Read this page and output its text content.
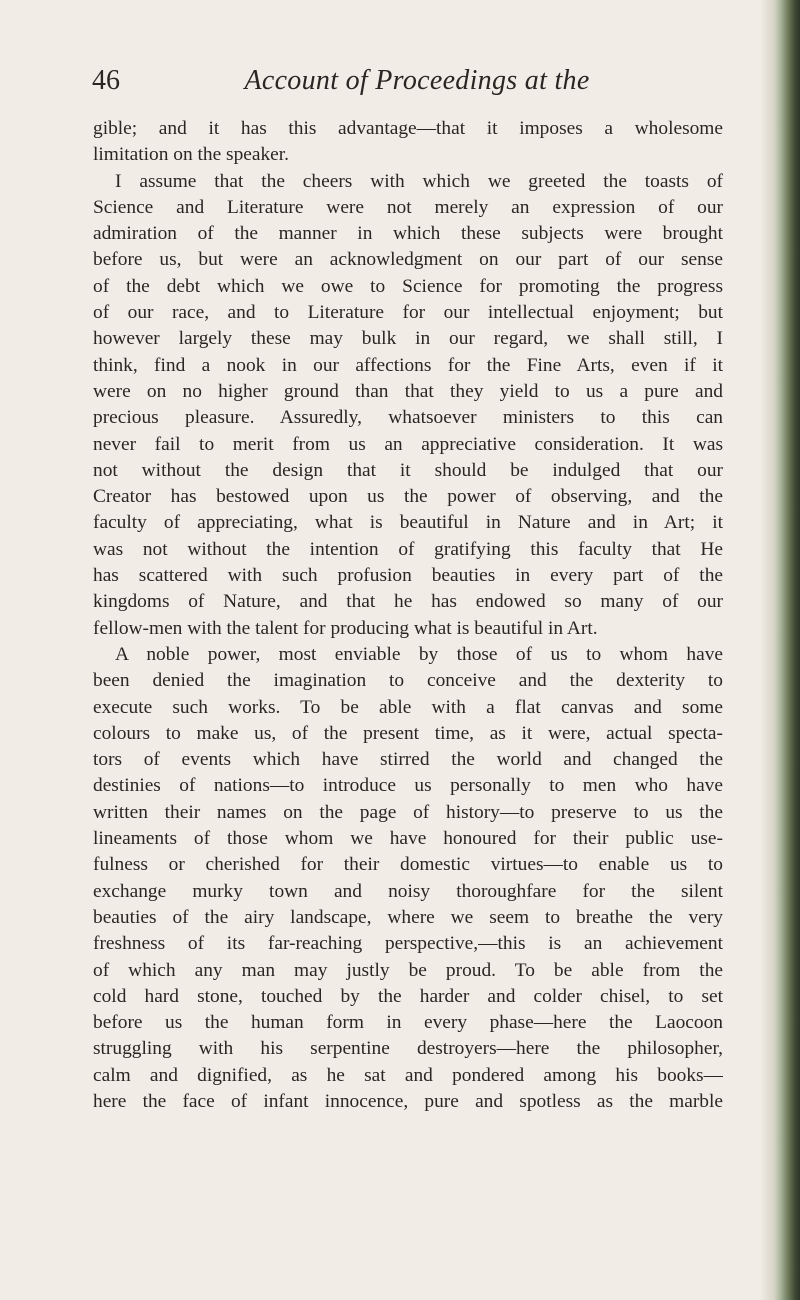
46	Account of Proceedings at the
gible; and it has this advantage—that it imposes a wholesome
limitation on the speaker.
I assume that the cheers with which we greeted the toasts of
Science and Literature were not merely an expression of our
admiration of the manner in which these subjects were brought
before us, but were an acknowledgment on our part of our sense
of the debt which we owe to Science for promoting the progress
of our race, and to Literature for our intellectual enjoyment; but
however largely these may bulk in our regard, we shall still, I
think, find a nook in our affections for the Fine Arts, even if it
were on no higher ground than that they yield to us a pure and
precious pleasure. Assuredly, whatsoever ministers to this can
never fail to merit from us an appreciative consideration. It was
not without the design that it should be indulged that our
Creator has bestowed upon us the power of observing, and the
faculty of appreciating, what is beautiful in Nature and in Art; it
was not without the intention of gratifying this faculty that He
has scattered with such profusion beauties in every part of the
kingdoms of Nature, and that he has endowed so many of our
fellow-men with the talent for producing what is beautiful in Art.
A noble power, most enviable by those of us to whom have
been denied the imagination to conceive and the dexterity to
execute such works. To be able with a flat canvas and some
colours to make us, of the present time, as it were, actual specta-
tors of events which have stirred the world and changed the
destinies of nations—to introduce us personally to men who have
written their names on the page of history—to preserve to us the
lineaments of those whom we have honoured for their public use-
fulness or cherished for their domestic virtues—to enable us to
exchange murky town and noisy thoroughfare for the silent
beauties of the airy landscape, where we seem to breathe the very
freshness of its far-reaching perspective,—this is an achievement
of which any man may justly be proud. To be able from the
cold hard stone, touched by the harder and colder chisel, to set
before us the human form in every phase—here the Laocoon
struggling with his serpentine destroyers—here the philosopher,
calm and dignified, as he sat and pondered among his books—
here the face of infant innocence, pure and spotless as the marble
